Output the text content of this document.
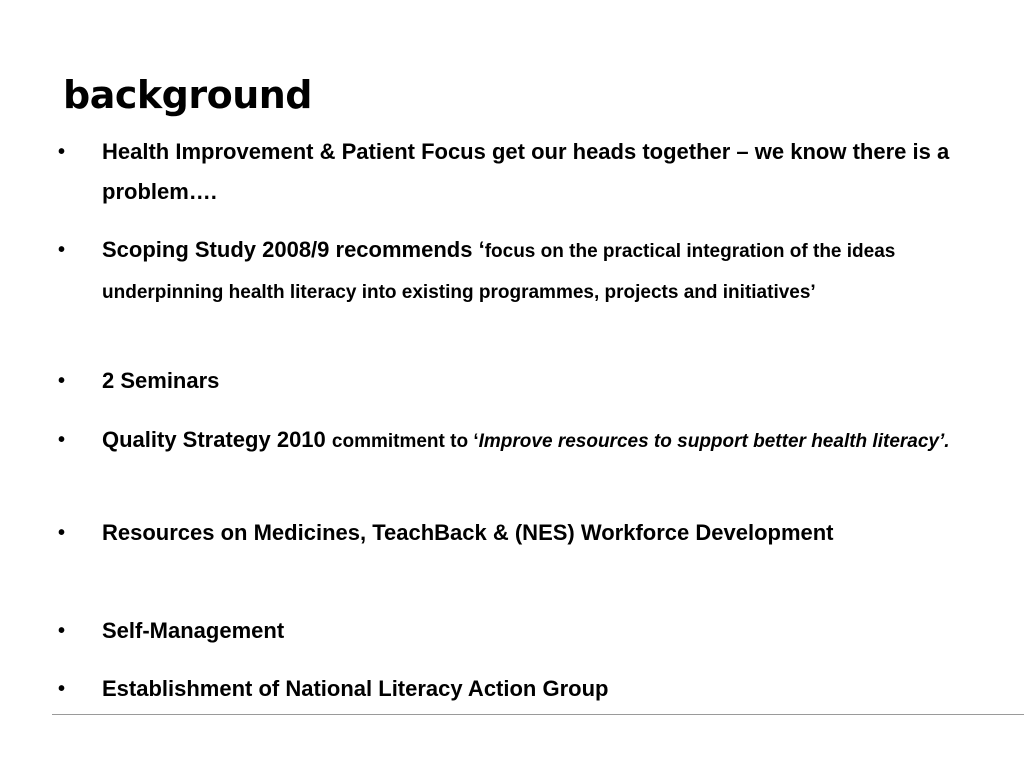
background
•	Health Improvement & Patient Focus get our heads together – we know there is a problem….
•	Scoping Study 2008/9 recommends ‘focus on the practical integration of the ideas underpinning health literacy into existing programmes, projects and initiatives’
•	2 Seminars
•	Quality Strategy 2010 commitment to ‘Improve resources to support better health literacy’.
•	Resources on Medicines, TeachBack & (NES) Workforce Development
•	Self-Management
•	Establishment of National Literacy Action Group
